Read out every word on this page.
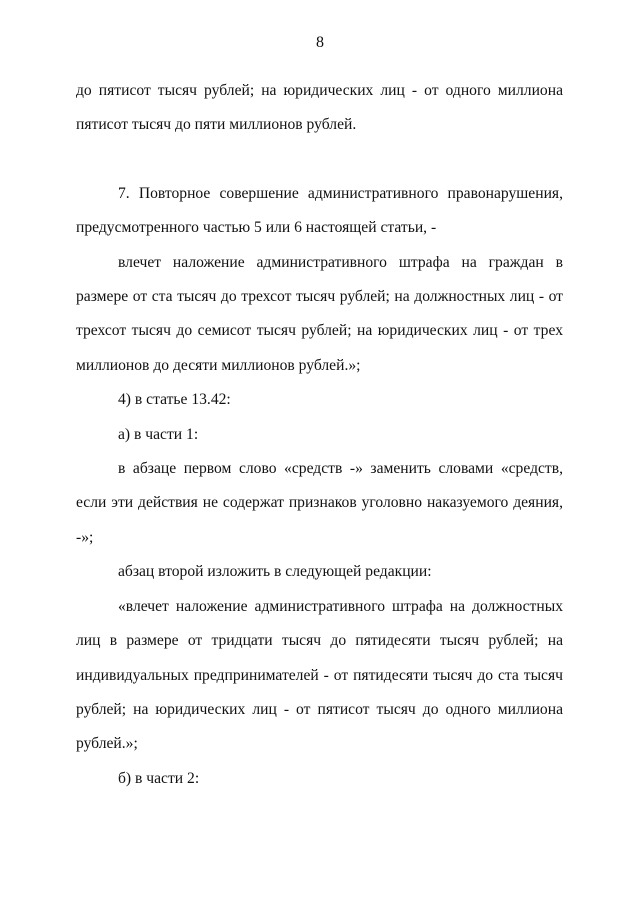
8

до пятисот тысяч рублей; на юридических лиц - от одного миллиона пятисот тысяч до пяти миллионов рублей.

7. Повторное совершение административного правонарушения, предусмотренного частью 5 или 6 настоящей статьи, -

влечет наложение административного штрафа на граждан в размере от ста тысяч до трехсот тысяч рублей; на должностных лиц - от трехсот тысяч до семисот тысяч рублей; на юридических лиц - от трех миллионов до десяти миллионов рублей.»;

4) в статье 13.42:

а) в части 1:

в абзаце первом слово «средств -» заменить словами «средств, если эти действия не содержат признаков уголовно наказуемого деяния, -»;

абзац второй изложить в следующей редакции:

«влечет наложение административного штрафа на должностных лиц в размере от тридцати тысяч до пятидесяти тысяч рублей; на индивидуальных предприниматeлей - от пятидесяти тысяч до ста тысяч рублей; на юридических лиц - от пятисот тысяч до одного миллиона рублей.»;

б) в части 2:
